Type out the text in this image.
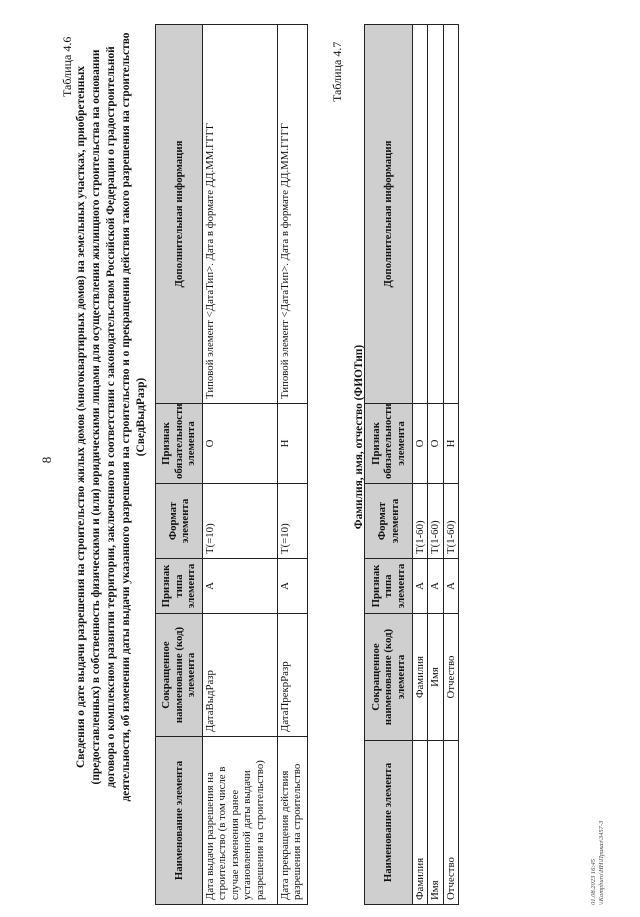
8
Таблица 4.6 Сведения о дате выдачи разрешения на строительство жилых домов (многоквартирных домов) на земельных участках, приобретенных (предоставленных) в собственность физическими и (или) юридическими лицами для осуществления жилищного строительства на основании договора о комплексном развитии территории, заключенного в соответствии с законодательством Российской Федерации о градостроительной деятельности, об изменении даты выдачи указанного разрешения на строительство и о прекращении действия такого разрешения на строительство (СведВыдРазр)
Наименование элемента	Сокращенное наименование (код) элемента	Признак типа элемента	Формат элемента	Признак обязательности элемента	Дополнительная информация
Дата выдачи разрешения на строительство (в том числе в случае изменения ранее установленной даты выдачи разрешения на строительство)	ДатаВыдРазр	А	T(=10)	О	Типовой элемент <ДатаТип>. Дата в формате ДД.ММ.ГГГГ
Дата прекращения действия разрешения на строительство	ДатаПрекрРазр	А	T(=10)	Н	Типовой элемент <ДатаТип>. Дата в формате ДД.ММ.ГГГГ
Таблица 4.7
Фамилия, имя, отчество (ФИОТип)
Наименование элемента	Сокращенное наименование (код) элемента	Признак типа элемента	Формат элемента	Признак обязательности элемента	Дополнительная информация
Фамилия	Фамилия	А	T(1-60)	О	
Имя	Имя	А	T(1-60)	О	
Отчество	Отчество	А	T(1-60)	Н	
01.08.2023 16:45 \\Kompburo\НН\Приказ\3457-3
